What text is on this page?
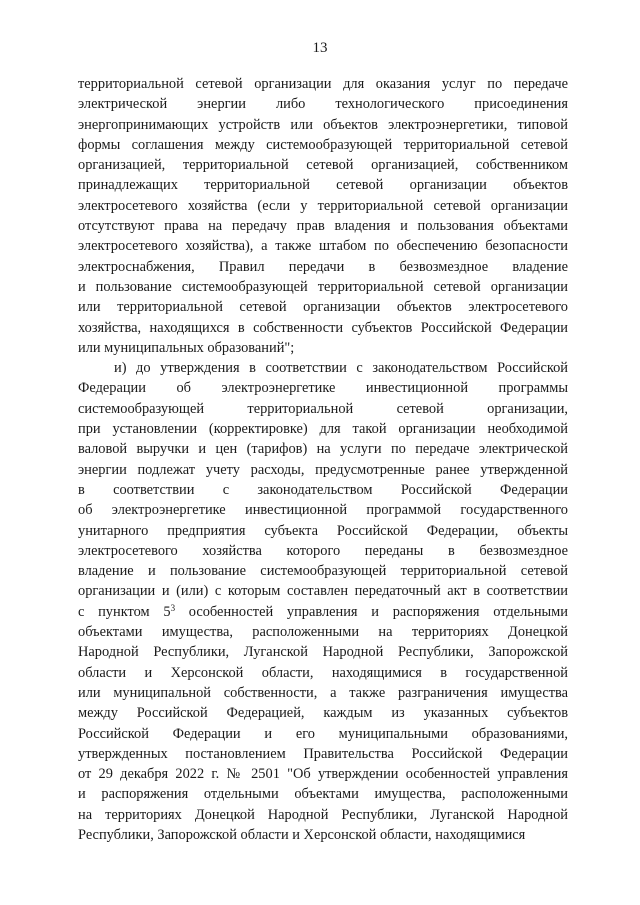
13
территориальной сетевой организации для оказания услуг по передаче
электрической энергии либо технологического присоединения
энергопринимающих устройств или объектов электроэнергетики, типовой
формы соглашения между системообразующей территориальной сетевой
организацией, территориальной сетевой организацией, собственником
принадлежащих территориальной сетевой организации объектов
электросетевого хозяйства (если у территориальной сетевой организации
отсутствуют права на передачу прав владения и пользования объектами
электросетевого хозяйства), а также штабом по обеспечению безопасности
электроснабжения, Правил передачи в безвозмездное владение
и пользование системообразующей территориальной сетевой организации
или территориальной сетевой организации объектов электросетевого
хозяйства, находящихся в собственности субъектов Российской Федерации
или муниципальных образований";
и) до утверждения в соответствии с законодательством Российской
Федерации об электроэнергетике инвестиционной программы
системообразующей территориальной сетевой организации,
при установлении (корректировке) для такой организации необходимой
валовой выручки и цен (тарифов) на услуги по передаче электрической
энергии подлежат учету расходы, предусмотренные ранее утвержденной
в соответствии с законодательством Российской Федерации
об электроэнергетике инвестиционной программой государственного
унитарного предприятия субъекта Российской Федерации, объекты
электросетевого хозяйства которого переданы в безвозмездное
владение и пользование системообразующей территориальной сетевой
организации и (или) с которым составлен передаточный акт в соответствии
с пунктом $5^3$ особенностей управления и распоряжения отдельными
объектами имущества, расположенными на территориях Донецкой
Народной Республики, Луганской Народной Республики, Запорожской
области и Херсонской области, находящимися в государственной
или муниципальной собственности, а также разграничения имущества
между Российской Федерацией, каждым из указанных субъектов
Российской Федерации и его муниципальными образованиями,
утвержденных постановлением Правительства Российской Федерации
от 29 декабря 2022 г. № 2501 "Об утверждении особенностей управления
и распоряжения отдельными объектами имущества, расположенными
на территориях Донецкой Народной Республики, Луганской Народной
Республики, Запорожской области и Херсонской области, находящимися
